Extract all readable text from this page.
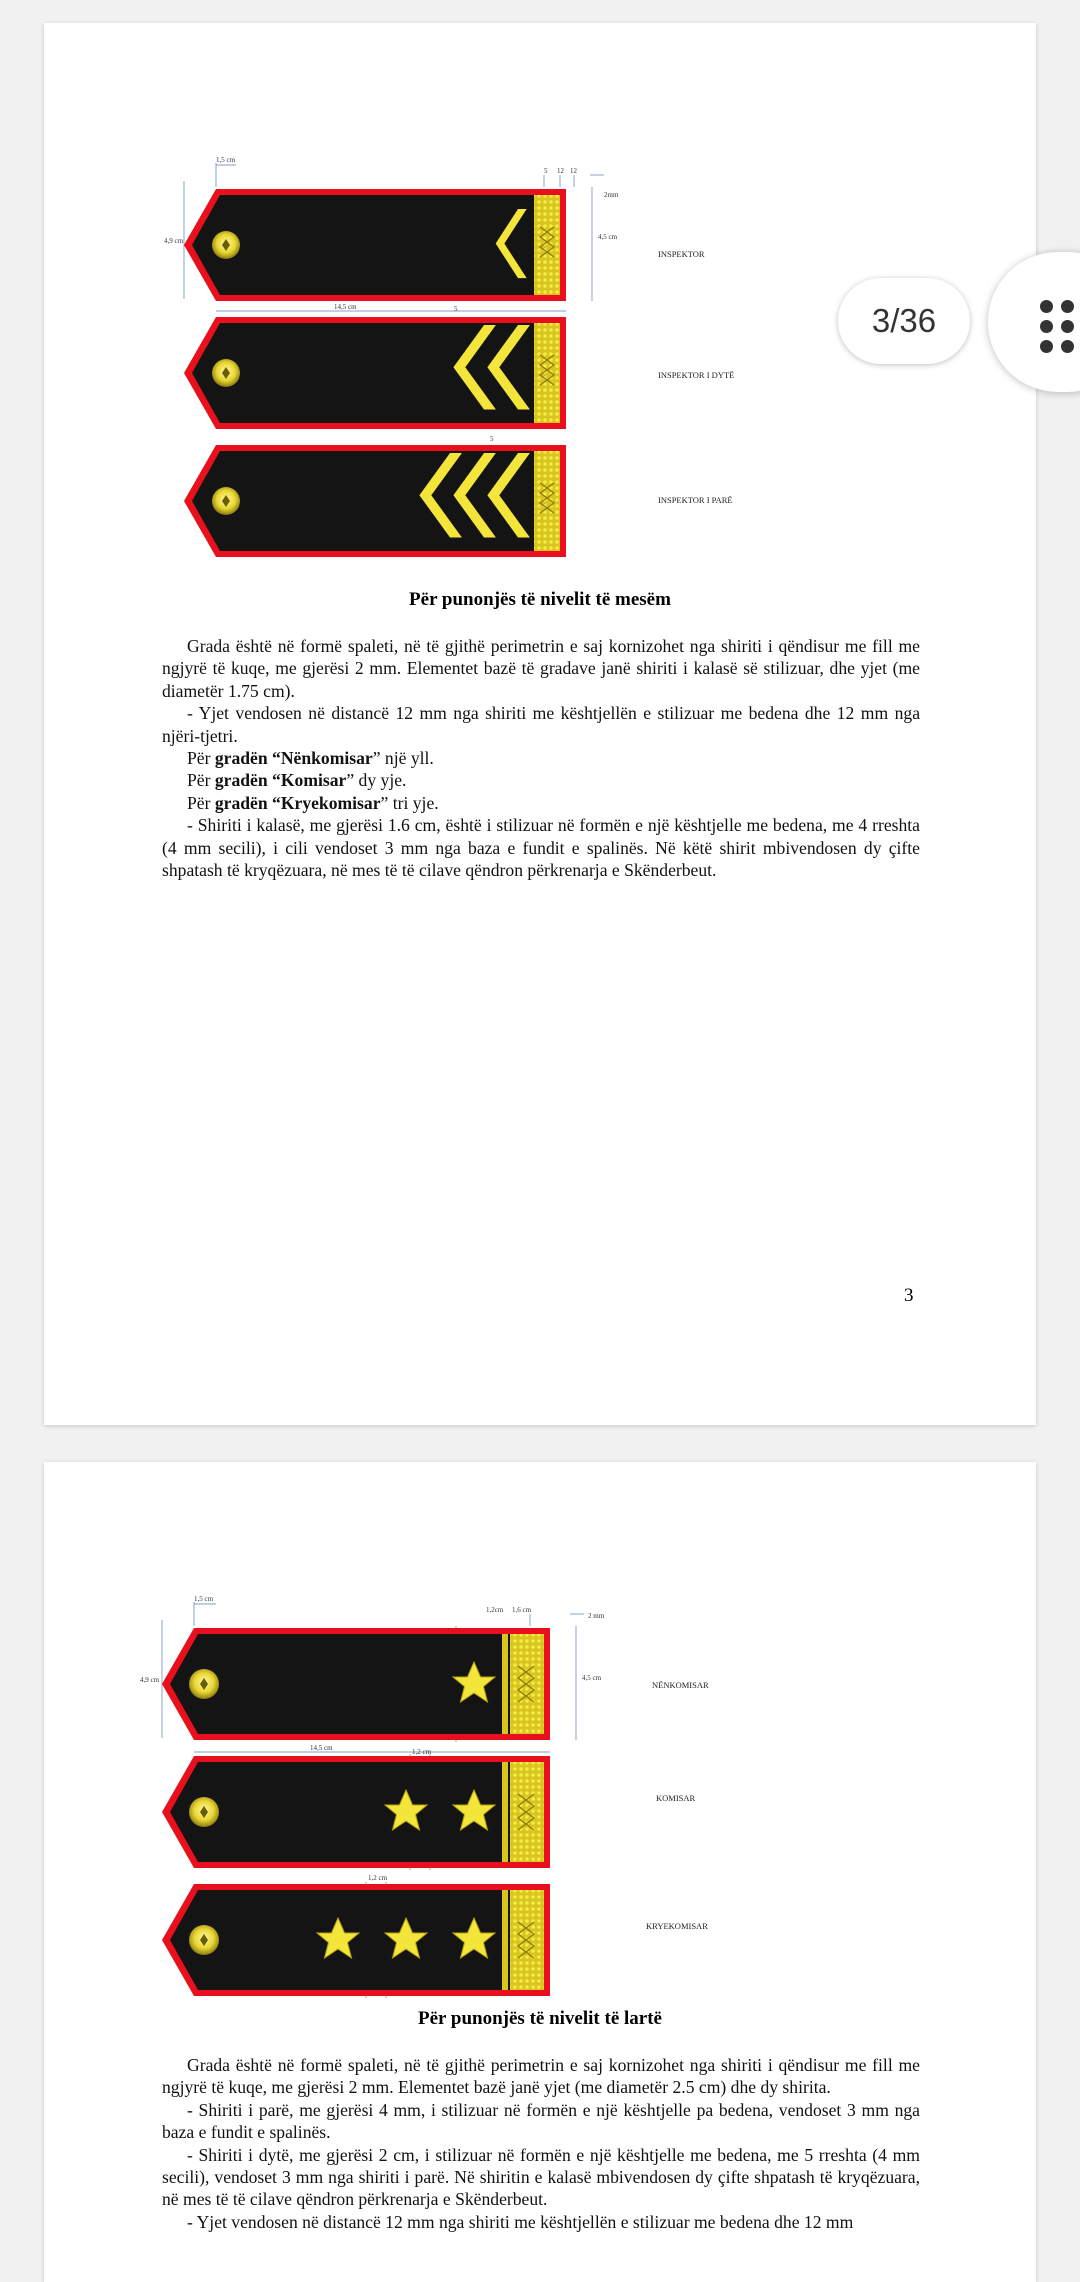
1,5 cm
4,9 cm
14,5 cm
5 12 12
2mm
4,5 cm
5
5
INSPEKTOR
INSPEKTOR I DYTË
INSPEKTOR I PARË
Për punonjës të nivelit të mesëm

Grada është në formë spaleti, në të gjithë perimetrin e saj kornizohet nga shiriti i qëndisur me fill me ngjyrë të kuqe, me gjerësi 2 mm. Elementet bazë të gradave janë shiriti i kalasë së stilizuar, dhe yjet (me diametër 1.75 cm).

- Yjet vendosen në distancë 12 mm nga shiriti me kështjellën e stilizuar me bedena dhe 12 mm nga njëri-tjetri.

Për gradën “Nënkomisar” një yll.

Për gradën “Komisar” dy yje.

Për gradën “Kryekomisar” tri yje.

- Shiriti i kalasë, me gjerësi 1.6 cm, është i stilizuar në formën e një kështjelle me bedena, me 4 rreshta (4 mm secili), i cili vendoset 3 mm nga baza e fundit e spalinës. Në këtë shirit mbivendosen dy çifte shpatash të kryqëzuara, në mes të të cilave qëndron përkrenarja e Skënderbeut.

3
1,5 cm
4,9 cm
14,5 cm
1,2cm 1,6 cm
2 mm
4,5 cm
1,2 cm
1,2 cm
NËNKOMISAR
KOMISAR
KRYEKOMISAR
Për punonjës të nivelit të lartë

Grada është në formë spaleti, në të gjithë perimetrin e saj kornizohet nga shiriti i qëndisur me fill me ngjyrë të kuqe, me gjerësi 2 mm. Elementet bazë janë yjet (me diametër 2.5 cm) dhe dy shirita.

- Shiriti i parë, me gjerësi 4 mm, i stilizuar në formën e një kështjelle pa bedena, vendoset 3 mm nga baza e fundit e spalinës.

- Shiriti i dytë, me gjerësi 2 cm, i stilizuar në formën e një kështjelle me bedena, me 5 rreshta (4 mm secili), vendoset 3 mm nga shiriti i parë. Në shiritin e kalasë mbivendosen dy çifte shpatash të kryqëzuara, në mes të të cilave qëndron përkrenarja e Skënderbeut.

- Yjet vendosen në distancë 12 mm nga shiriti me kështjellën e stilizuar me bedena dhe 12 mm

3/36
